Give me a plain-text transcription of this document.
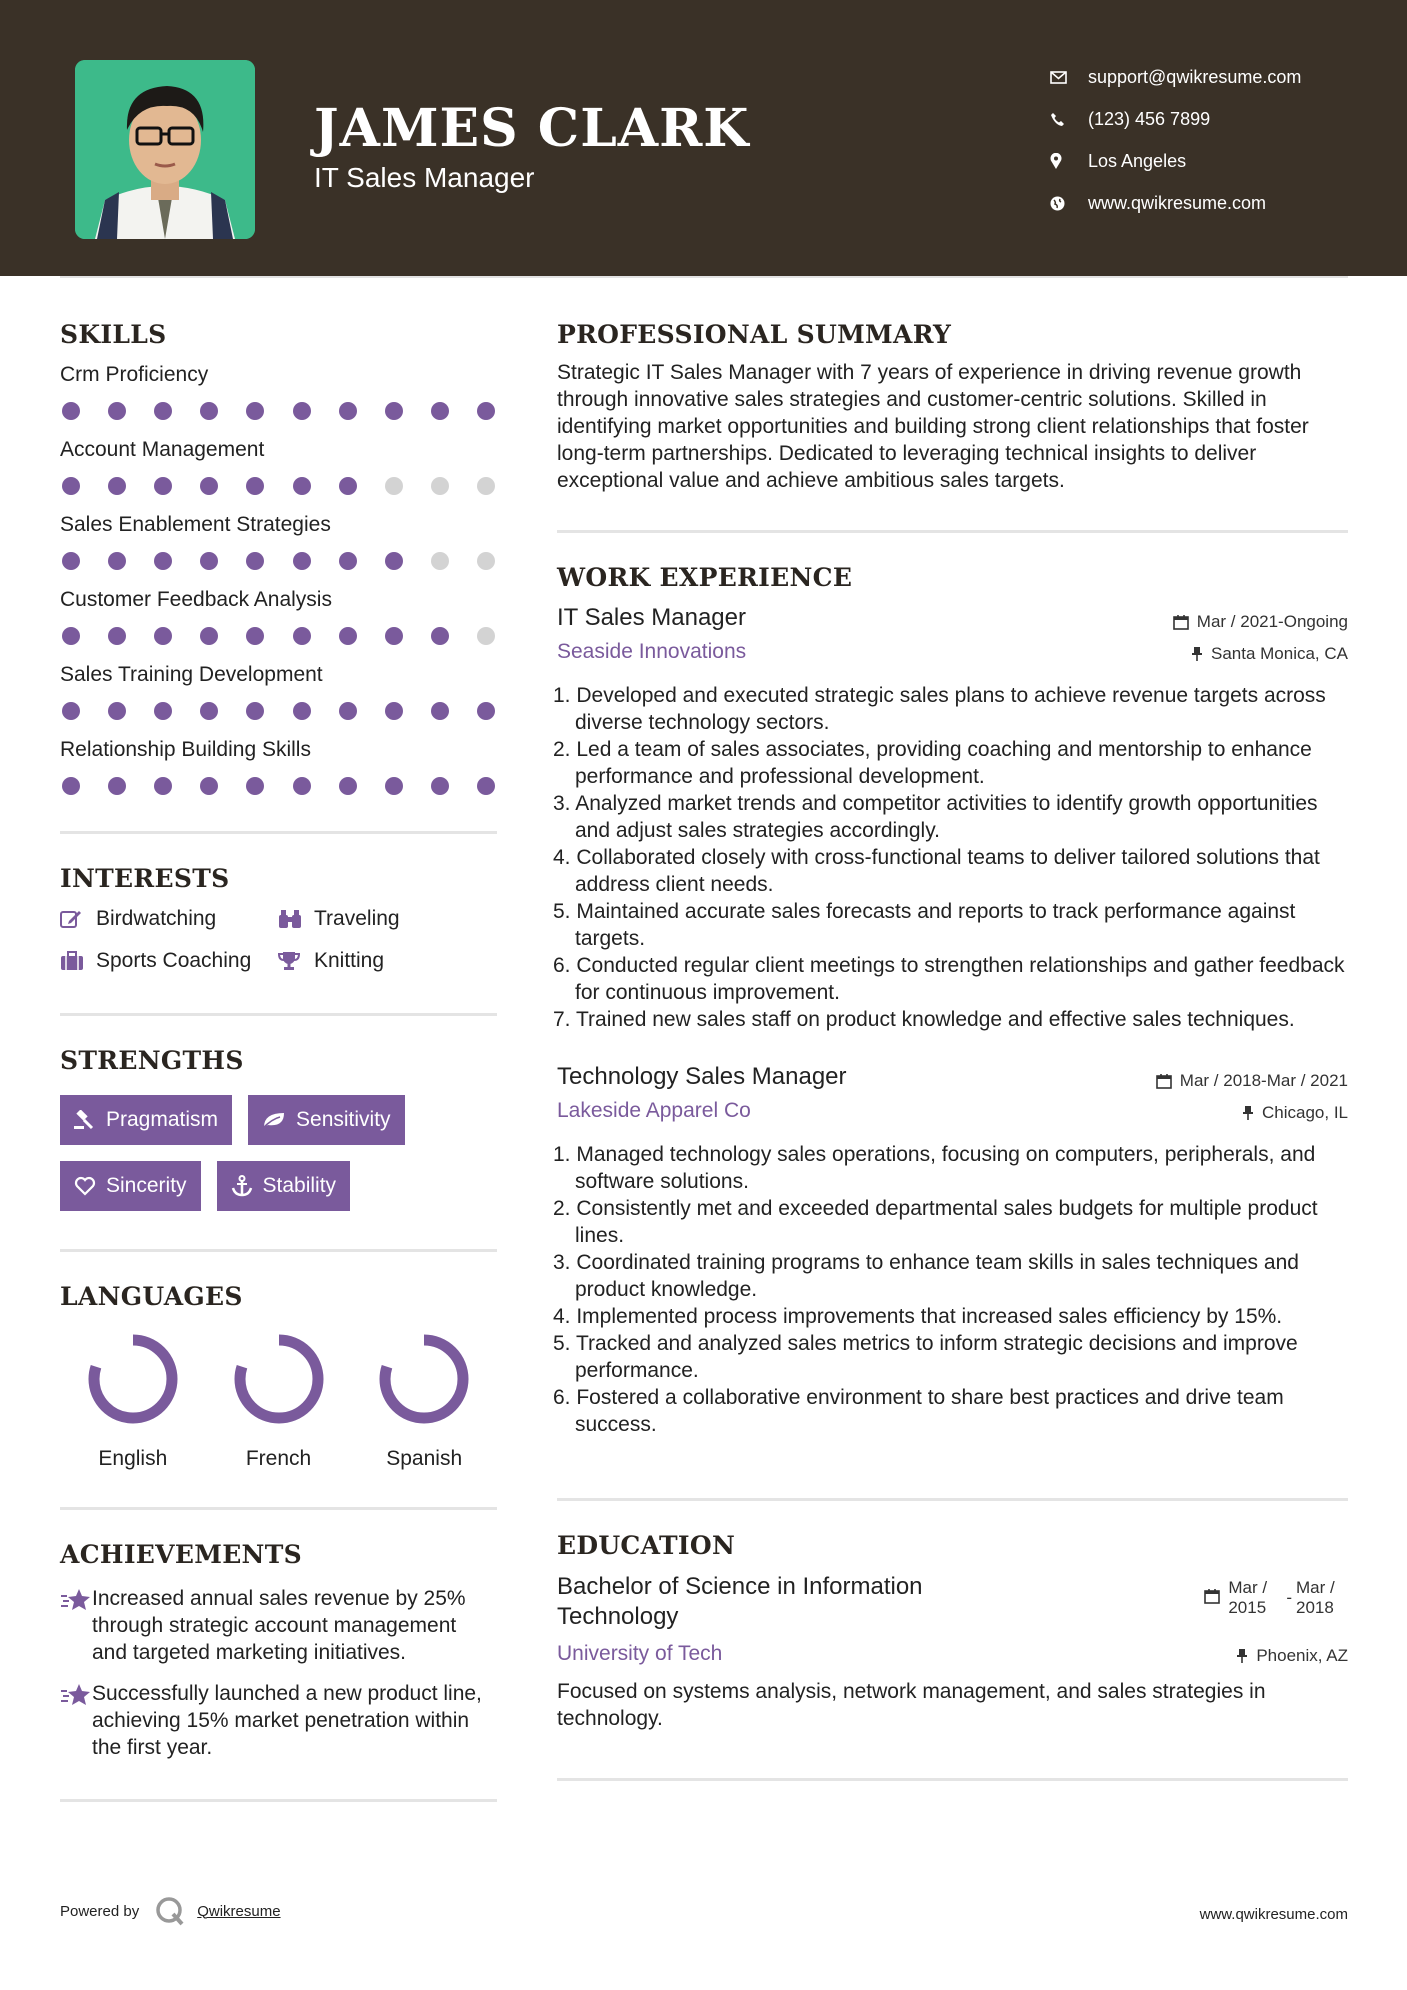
JAMES CLARK
IT Sales Manager
support@qwikresume.com
(123) 456 7899
Los Angeles
www.qwikresume.com
SKILLS
Crm Proficiency
Account Management
Sales Enablement Strategies
Customer Feedback Analysis
Sales Training Development
Relationship Building Skills
INTERESTS
Birdwatching	Traveling
Sports Coaching	Knitting
STRENGTHS
Pragmatism	Sensitivity
Sincerity	Stability
LANGUAGES
English	French	Spanish
ACHIEVEMENTS
Increased annual sales revenue by 25% through strategic account management and targeted marketing initiatives.
Successfully launched a new product line, achieving 15% market penetration within the first year.
PROFESSIONAL SUMMARY
Strategic IT Sales Manager with 7 years of experience in driving revenue growth through innovative sales strategies and customer-centric solutions. Skilled in identifying market opportunities and building strong client relationships that foster long-term partnerships. Dedicated to leveraging technical insights to deliver exceptional value and achieve ambitious sales targets.
WORK EXPERIENCE
IT Sales Manager	Mar / 2021-Ongoing
Seaside Innovations	Santa Monica, CA
1. Developed and executed strategic sales plans to achieve revenue targets across diverse technology sectors.
2. Led a team of sales associates, providing coaching and mentorship to enhance performance and professional development.
3. Analyzed market trends and competitor activities to identify growth opportunities and adjust sales strategies accordingly.
4. Collaborated closely with cross-functional teams to deliver tailored solutions that address client needs.
5. Maintained accurate sales forecasts and reports to track performance against targets.
6. Conducted regular client meetings to strengthen relationships and gather feedback for continuous improvement.
7. Trained new sales staff on product knowledge and effective sales techniques.
Technology Sales Manager	Mar / 2018-Mar / 2021
Lakeside Apparel Co	Chicago, IL
1. Managed technology sales operations, focusing on computers, peripherals, and software solutions.
2. Consistently met and exceeded departmental sales budgets for multiple product lines.
3. Coordinated training programs to enhance team skills in sales techniques and product knowledge.
4. Implemented process improvements that increased sales efficiency by 15%.
5. Tracked and analyzed sales metrics to inform strategic decisions and improve performance.
6. Fostered a collaborative environment to share best practices and drive team success.
EDUCATION
Bachelor of Science in Information Technology
Mar / 2015
-
Mar / 2018
University of Tech	Phoenix, AZ
Focused on systems analysis, network management, and sales strategies in technology.
Powered by	Qwikresume	www.qwikresume.com
